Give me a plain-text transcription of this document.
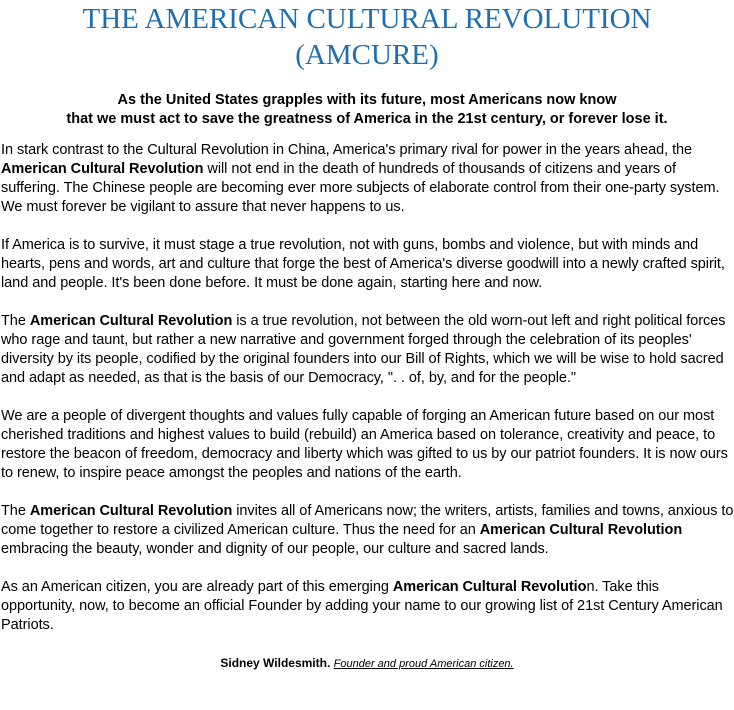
THE AMERICAN CULTURAL REVOLUTION
(AMCURE)

As the United States grapples with its future, most Americans now know
that we must act to save the greatness of America in the 21st century, or forever lose it.

In stark contrast to the Cultural Revolution in China, America's primary rival for power in the years ahead, the American Cultural Revolution will not end in the death of hundreds of thousands of citizens and years of suffering. The Chinese people are becoming ever more subjects of elaborate control from their one-party system. We must forever be vigilant to assure that never happens to us.

If America is to survive, it must stage a true revolution, not with guns, bombs and violence, but with minds and hearts, pens and words, art and culture that forge the best of America's diverse goodwill into a newly crafted spirit, land and people. It's been done before. It must be done again, starting here and now.

The American Cultural Revolution is a true revolution, not between the old worn-out left and right political forces who rage and taunt, but rather a new narrative and government forged through the celebration of its peoples' diversity by its people, codified by the original founders into our Bill of Rights, which we will be wise to hold sacred and adapt as needed, as that is the basis of our Democracy, ". . of, by, and for the people."

We are a people of divergent thoughts and values fully capable of forging an American future based on our most cherished traditions and highest values to build (rebuild) an America based on tolerance, creativity and peace, to restore the beacon of freedom, democracy and liberty which was gifted to us by our patriot founders. It is now ours to renew, to inspire peace amongst the peoples and nations of the earth.

The American Cultural Revolution invites all of Americans now; the writers, artists, families and towns, anxious to come together to restore a civilized American culture. Thus the need for an American Cultural Revolution embracing the beauty, wonder and dignity of our people, our culture and sacred lands.

As an American citizen, you are already part of this emerging American Cultural Revolution. Take this opportunity, now, to become an official Founder by adding your name to our growing list of 21st Century American Patriots.

Sidney Wildesmith. Founder and proud American citizen.
